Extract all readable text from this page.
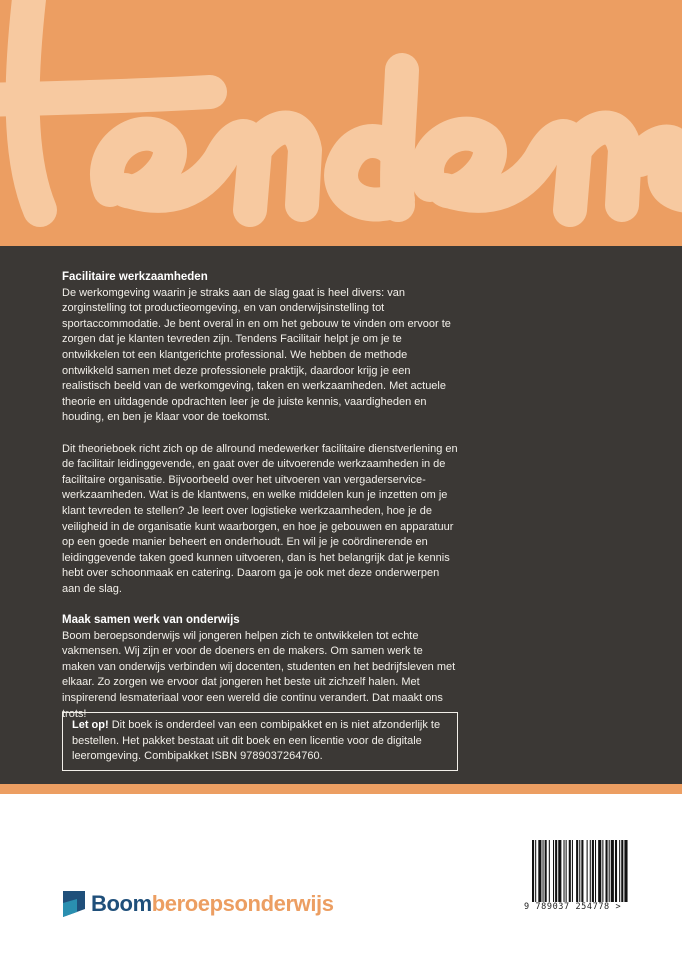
Facilitaire werkzaamheden

De werkomgeving waarin je straks aan de slag gaat is heel divers: van zorginstelling tot productieomgeving, en van onderwijsinstelling tot sportaccommodatie. Je bent overal in en om het gebouw te vinden om ervoor te zorgen dat je klanten tevreden zijn. Tendens Facilitair helpt je om je te ontwikkelen tot een klantgerichte professional. We hebben de methode ontwikkeld samen met deze professionele praktijk, daardoor krijg je een realistisch beeld van de werkomgeving, taken en werkzaamheden. Met actuele theorie en uitdagende opdrachten leer je de juiste kennis, vaardigheden en houding, en ben je klaar voor de toekomst.

Dit theorieboek richt zich op de allround medewerker facilitaire dienstverlening en de facilitair leidinggevende, en gaat over de uitvoerende werkzaamheden in de facilitaire organisatie. Bijvoorbeeld over het uitvoeren van vergaderservice-werkzaamheden. Wat is de klantwens, en welke middelen kun je inzetten om je klant tevreden te stellen? Je leert over logistieke werkzaamheden, hoe je de veiligheid in de organisatie kunt waarborgen, en hoe je gebouwen en apparatuur op een goede manier beheert en onderhoudt. En wil je je coördinerende en leidinggevende taken goed kunnen uitvoeren, dan is het belangrijk dat je kennis hebt over schoonmaak en catering. Daarom ga je ook met deze onderwerpen aan de slag.

Maak samen werk van onderwijs

Boom beroepsonderwijs wil jongeren helpen zich te ontwikkelen tot echte vakmensen. Wij zijn er voor de doeners en de makers. Om samen werk te maken van onderwijs verbinden wij docenten, studenten en het bedrijfsleven met elkaar. Zo zorgen we ervoor dat jongeren het beste uit zichzelf halen. Met inspirerend lesmateriaal voor een wereld die continu verandert. Dat maakt ons trots!

Let op! Dit boek is onderdeel van een combipakket en is niet afzonderlijk te bestellen. Het pakket bestaat uit dit boek en een licentie voor de digitale leeromgeving. Combipakket ISBN 9789037264760.
Boomberoepsonderwijs	9 789037 254778 >
